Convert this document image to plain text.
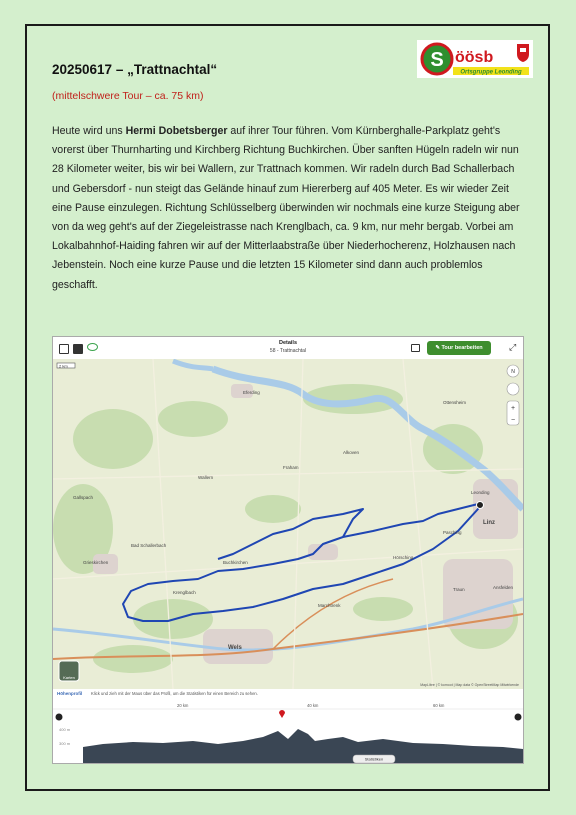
S öösb
Ortsgruppe Leonding
20250617 – „Trattnachtal“
(mittelschwere Tour – ca. 75 km)

Heute wird uns Hermi Dobetsberger auf ihrer Tour führen. Vom Kürnberghalle-Parkplatz geht's vorerst über Thurnharting und Kirchberg Richtung Buchkirchen. Über sanften Hügeln radeln wir nun 28 Kilometer weiter, bis wir bei Wallern, zur Trattnach kommen. Wir radeln durch Bad Schallerbach und Gebersdorf - nun steigt das Gelände hinauf zum Hiererberg auf 405 Meter. Es wir wieder Zeit eine Pause einzulegen. Richtung Schlüsselberg überwinden wir nochmals eine kurze Steigung aber von da weg geht's auf der Ziegeleistrasse nach Krenglbach, ca. 9 km, nur mehr bergab. Vorbei am Lokalbahnhof-Haiding fahren wir auf der Mitterlaabstraße über Niederhocherenz, Holzhausen nach Jebenstein. Noch eine kurze Pause und die letzten 15 Kilometer sind dann auch problemlos geschafft.

Details
58 - Trattnachtal	✎ Tour bearbeiten	⤢
2 km
N
+
−
Eferding
Wallern
Bad Schallerbach
Grieskirchen	Buchkirchen
Leonding
Marchtrenk
Wels
Traun
Linz
Hörsching
Krenglbach
Gallspach
Pasching
Ansfelden
Ottensheim
Alkoven
Fraham
Karten
MapLibre | © komoot | Map data © OpenStreetMap Mitwirkende
Höhenprofil Klick und zieh mit der Maus über das Profil, um die Statistiken für einen Bereich zu sehen.
20 km	40 km	60 km
400 m
300 m
Statistiken
